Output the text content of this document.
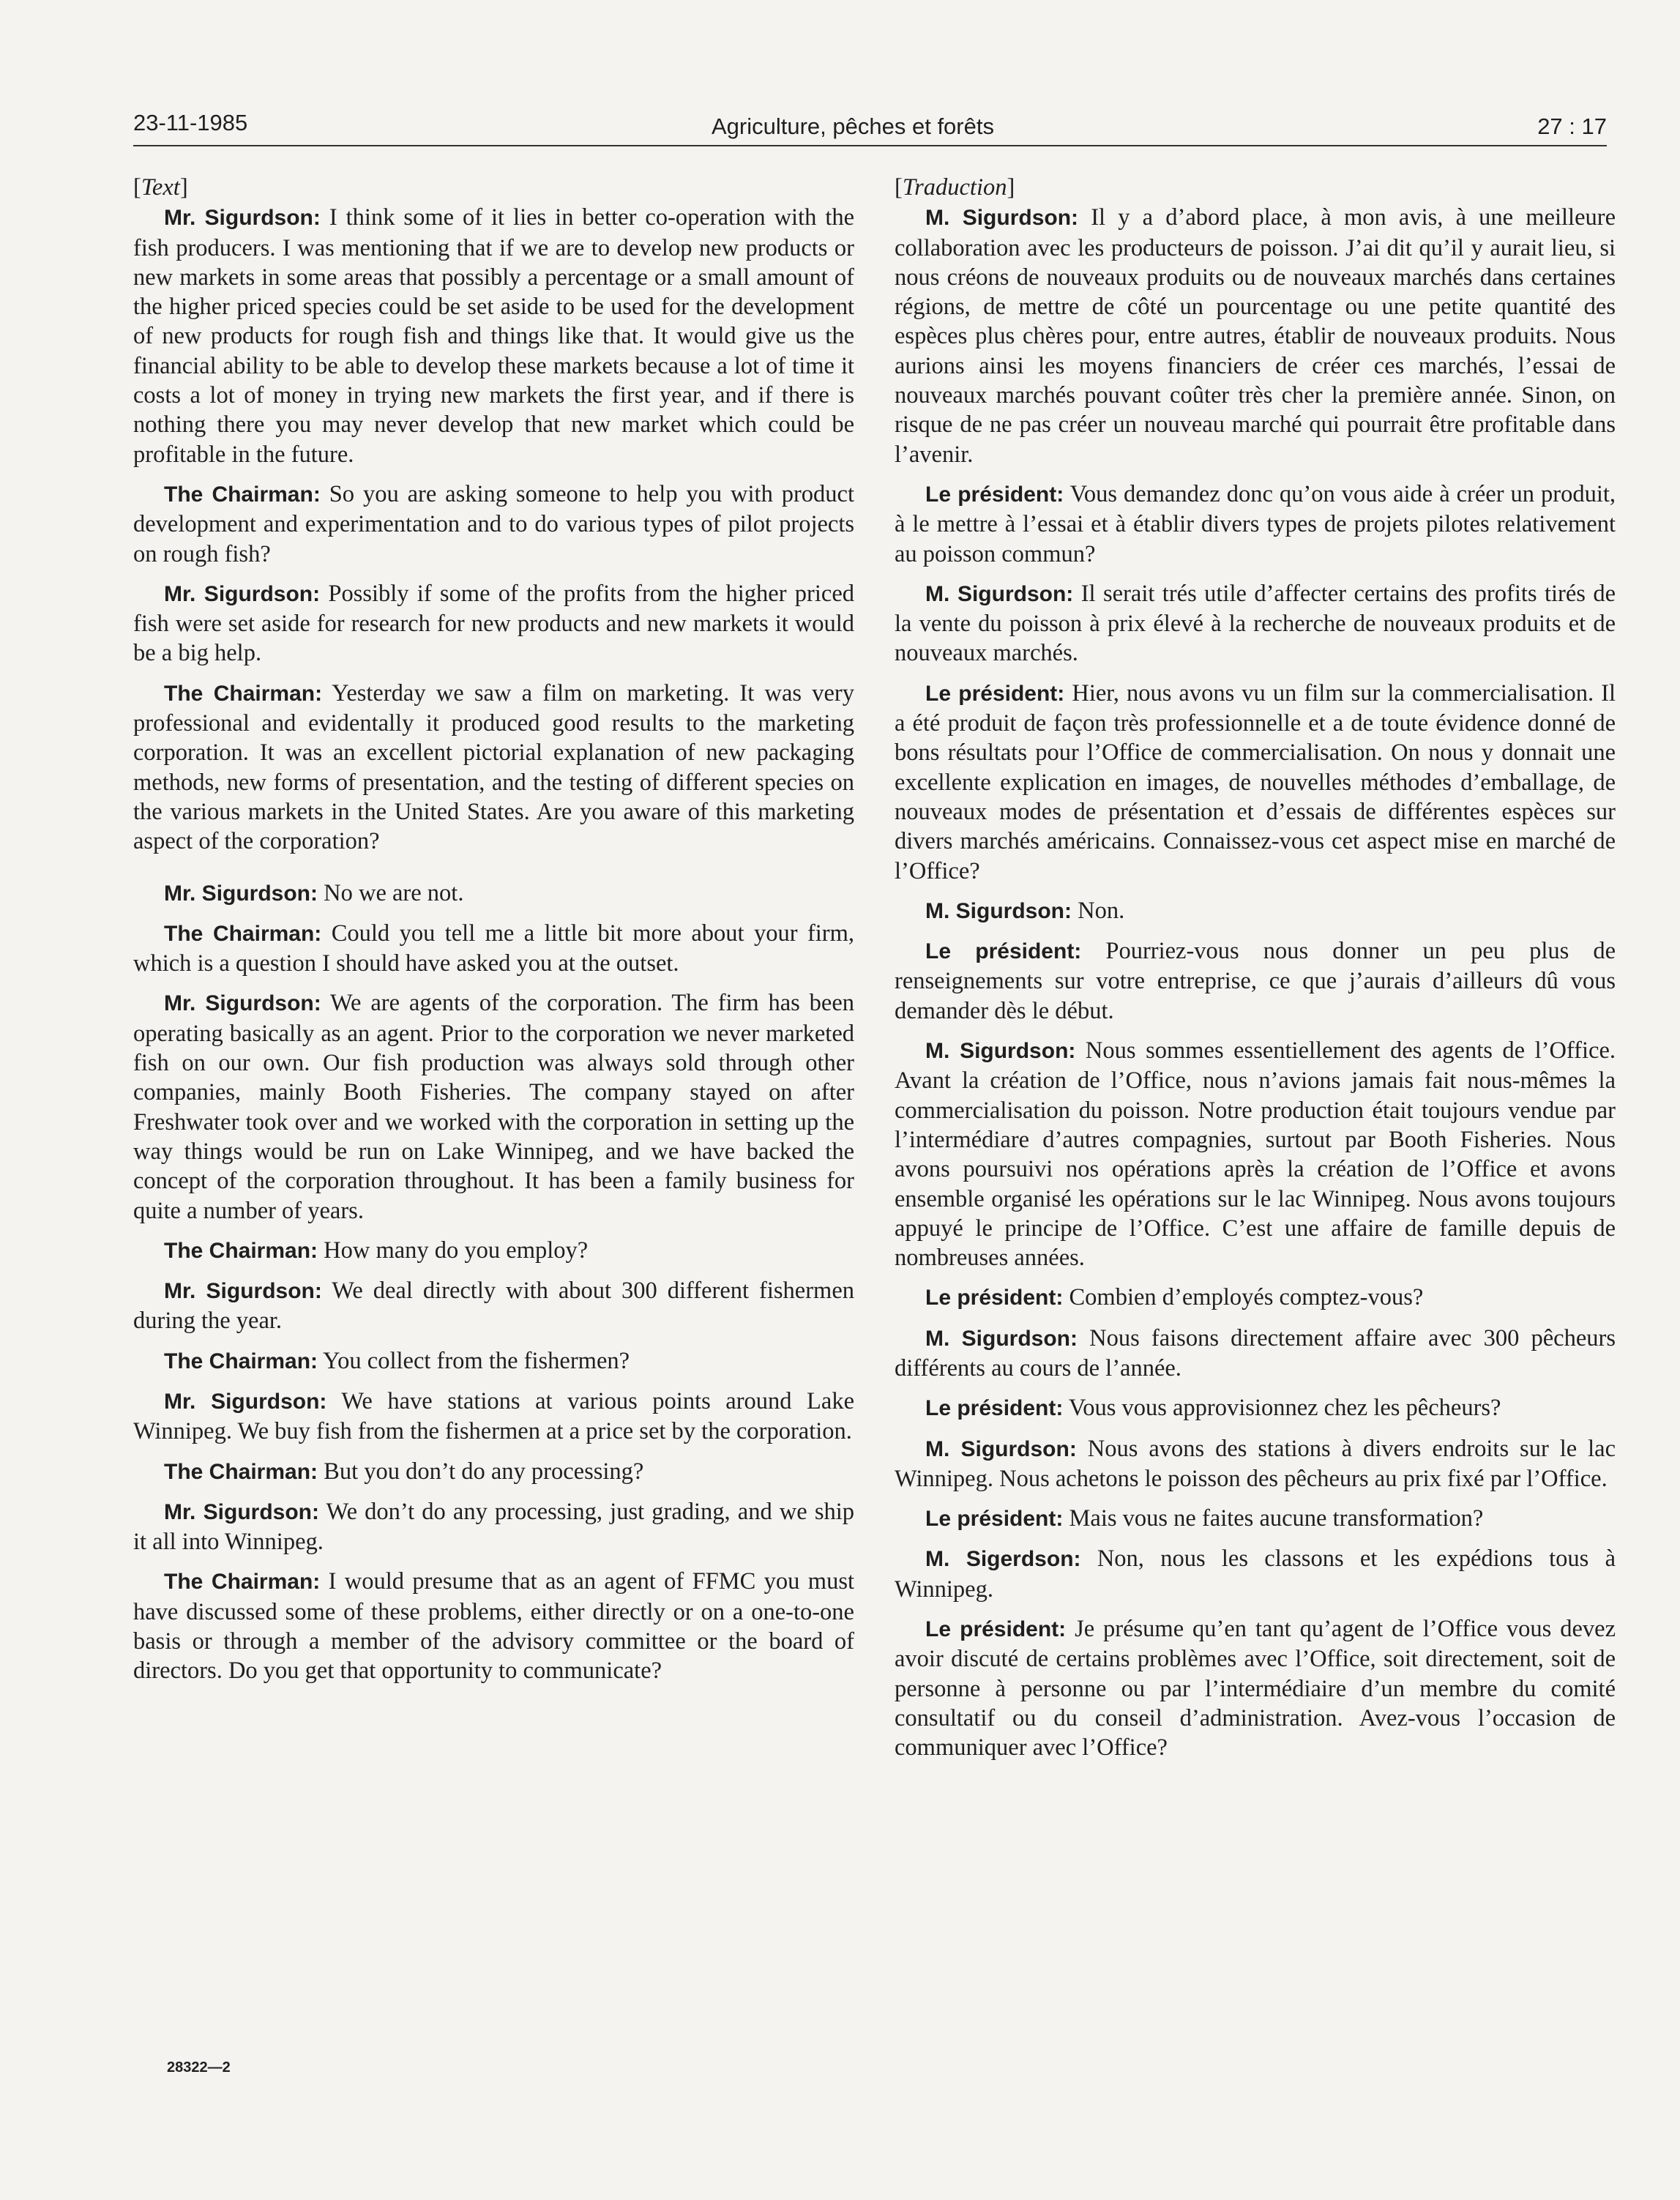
23-11-1985	Agriculture, pêches et forêts	27 : 17
[Text]

Mr. Sigurdson: I think some of it lies in better co-operation with the fish producers. I was mentioning that if we are to develop new products or new markets in some areas that possibly a percentage or a small amount of the higher priced species could be set aside to be used for the development of new products for rough fish and things like that. It would give us the financial ability to be able to develop these markets because a lot of time it costs a lot of money in trying new markets the first year, and if there is nothing there you may never develop that new market which could be profitable in the future.

The Chairman: So you are asking someone to help you with product development and experimentation and to do various types of pilot projects on rough fish?

Mr. Sigurdson: Possibly if some of the profits from the higher priced fish were set aside for research for new products and new markets it would be a big help.

The Chairman: Yesterday we saw a film on marketing. It was very professional and evidentally it produced good results to the marketing corporation. It was an excellent pictorial explanation of new packaging methods, new forms of presentation, and the testing of different species on the various markets in the United States. Are you aware of this marketing aspect of the corporation?

Mr. Sigurdson: No we are not.

The Chairman: Could you tell me a little bit more about your firm, which is a question I should have asked you at the outset.

Mr. Sigurdson: We are agents of the corporation. The firm has been operating basically as an agent. Prior to the corporation we never marketed fish on our own. Our fish production was always sold through other companies, mainly Booth Fisheries. The company stayed on after Freshwater took over and we worked with the corporation in setting up the way things would be run on Lake Winnipeg, and we have backed the concept of the corporation throughout. It has been a family business for quite a number of years.

The Chairman: How many do you employ?

Mr. Sigurdson: We deal directly with about 300 different fishermen during the year.

The Chairman: You collect from the fishermen?

Mr. Sigurdson: We have stations at various points around Lake Winnipeg. We buy fish from the fishermen at a price set by the corporation.

The Chairman: But you don’t do any processing?

Mr. Sigurdson: We don’t do any processing, just grading, and we ship it all into Winnipeg.

The Chairman: I would presume that as an agent of FFMC you must have discussed some of these problems, either directly or on a one-to-one basis or through a member of the advisory committee or the board of directors. Do you get that opportunity to communicate?

[Traduction]

M. Sigurdson: Il y a d’abord place, à mon avis, à une meilleure collaboration avec les producteurs de poisson. J’ai dit qu’il y aurait lieu, si nous créons de nouveaux produits ou de nouveaux marchés dans certaines régions, de mettre de côté un pourcentage ou une petite quantité des espèces plus chères pour, entre autres, établir de nouveaux produits. Nous aurions ainsi les moyens financiers de créer ces marchés, l’essai de nouveaux marchés pouvant coûter très cher la première année. Sinon, on risque de ne pas créer un nouveau marché qui pourrait être profitable dans l’avenir.

Le président: Vous demandez donc qu’on vous aide à créer un produit, à le mettre à l’essai et à établir divers types de projets pilotes relativement au poisson commun?

M. Sigurdson: Il serait trés utile d’affecter certains des profits tirés de la vente du poisson à prix élevé à la recherche de nouveaux produits et de nouveaux marchés.

Le président: Hier, nous avons vu un film sur la commercialisation. Il a été produit de façon très professionnelle et a de toute évidence donné de bons résultats pour l’Office de commercialisation. On nous y donnait une excellente explication en images, de nouvelles méthodes d’emballage, de nouveaux modes de présentation et d’essais de différentes espèces sur divers marchés américains. Connaissez-vous cet aspect mise en marché de l’Office?

M. Sigurdson: Non.

Le président: Pourriez-vous nous donner un peu plus de renseignements sur votre entreprise, ce que j’aurais d’ailleurs dû vous demander dès le début.

M. Sigurdson: Nous sommes essentiellement des agents de l’Office. Avant la création de l’Office, nous n’avions jamais fait nous-mêmes la commercialisation du poisson. Notre production était toujours vendue par l’intermédiare d’autres compagnies, surtout par Booth Fisheries. Nous avons poursuivi nos opérations après la création de l’Office et avons ensemble organisé les opérations sur le lac Winnipeg. Nous avons toujours appuyé le principe de l’Office. C’est une affaire de famille depuis de nombreuses années.

Le président: Combien d’employés comptez-vous?

M. Sigurdson: Nous faisons directement affaire avec 300 pêcheurs différents au cours de l’année.

Le président: Vous vous approvisionnez chez les pêcheurs?

M. Sigurdson: Nous avons des stations à divers endroits sur le lac Winnipeg. Nous achetons le poisson des pêcheurs au prix fixé par l’Office.

Le président: Mais vous ne faites aucune transformation?

M. Sigerdson: Non, nous les classons et les expédions tous à Winnipeg.

Le président: Je présume qu’en tant qu’agent de l’Office vous devez avoir discuté de certains problèmes avec l’Office, soit directement, soit de personne à personne ou par l’intermédiaire d’un membre du comité consultatif ou du conseil d’administration. Avez-vous l’occasion de communiquer avec l’Office?

28322—2
